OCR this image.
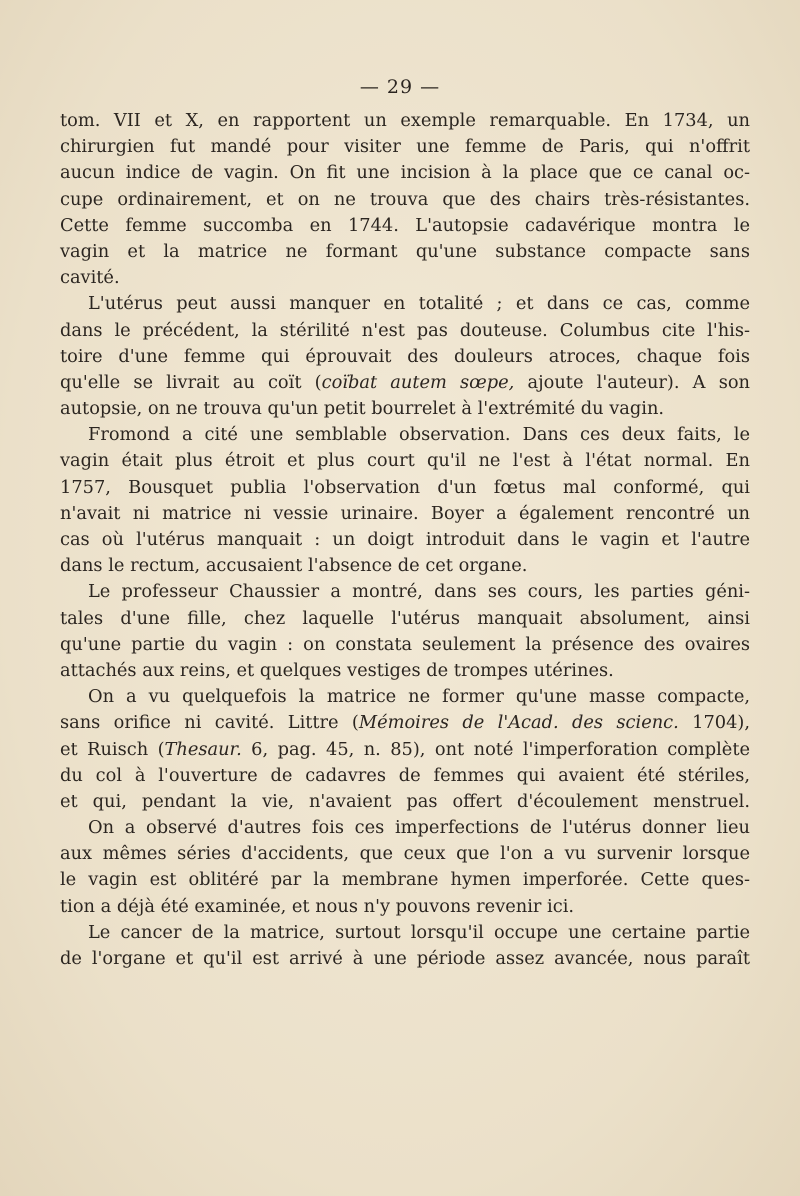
— 29 —
tom. VII et X, en rapportent un exemple remarquable. En 1734, un
chirurgien fut mandé pour visiter une femme de Paris, qui n'offrit
aucun indice de vagin. On fit une incision à la place que ce canal oc-
cupe ordinairement, et on ne trouva que des chairs très-résistantes.
Cette femme succomba en 1744. L'autopsie cadavérique montra le
vagin et la matrice ne formant qu'une substance compacte sans
cavité.
L'utérus peut aussi manquer en totalité ; et dans ce cas, comme
dans le précédent, la stérilité n'est pas douteuse. Columbus cite l'his-
toire d'une femme qui éprouvait des douleurs atroces, chaque fois
qu'elle se livrait au coït (coïbat autem sœpe, ajoute l'auteur). A son
autopsie, on ne trouva qu'un petit bourrelet à l'extrémité du vagin.
Fromond a cité une semblable observation. Dans ces deux faits, le
vagin était plus étroit et plus court qu'il ne l'est à l'état normal. En
1757, Bousquet publia l'observation d'un fœtus mal conformé, qui
n'avait ni matrice ni vessie urinaire. Boyer a également rencontré un
cas où l'utérus manquait : un doigt introduit dans le vagin et l'autre
dans le rectum, accusaient l'absence de cet organe.
Le professeur Chaussier a montré, dans ses cours, les parties géni-
tales d'une fille, chez laquelle l'utérus manquait absolument, ainsi
qu'une partie du vagin : on constata seulement la présence des ovaires
attachés aux reins, et quelques vestiges de trompes utérines.
On a vu quelquefois la matrice ne former qu'une masse compacte,
sans orifice ni cavité. Littre (Mémoires de l'Acad. des scienc. 1704),
et Ruisch (Thesaur. 6, pag. 45, n. 85), ont noté l'imperforation complète
du col à l'ouverture de cadavres de femmes qui avaient été stériles,
et qui, pendant la vie, n'avaient pas offert d'écoulement menstruel.
On a observé d'autres fois ces imperfections de l'utérus donner lieu
aux mêmes séries d'accidents, que ceux que l'on a vu survenir lorsque
le vagin est oblitéré par la membrane hymen imperforée. Cette ques-
tion a déjà été examinée, et nous n'y pouvons revenir ici.
Le cancer de la matrice, surtout lorsqu'il occupe une certaine partie
de l'organe et qu'il est arrivé à une période assez avancée, nous paraît
